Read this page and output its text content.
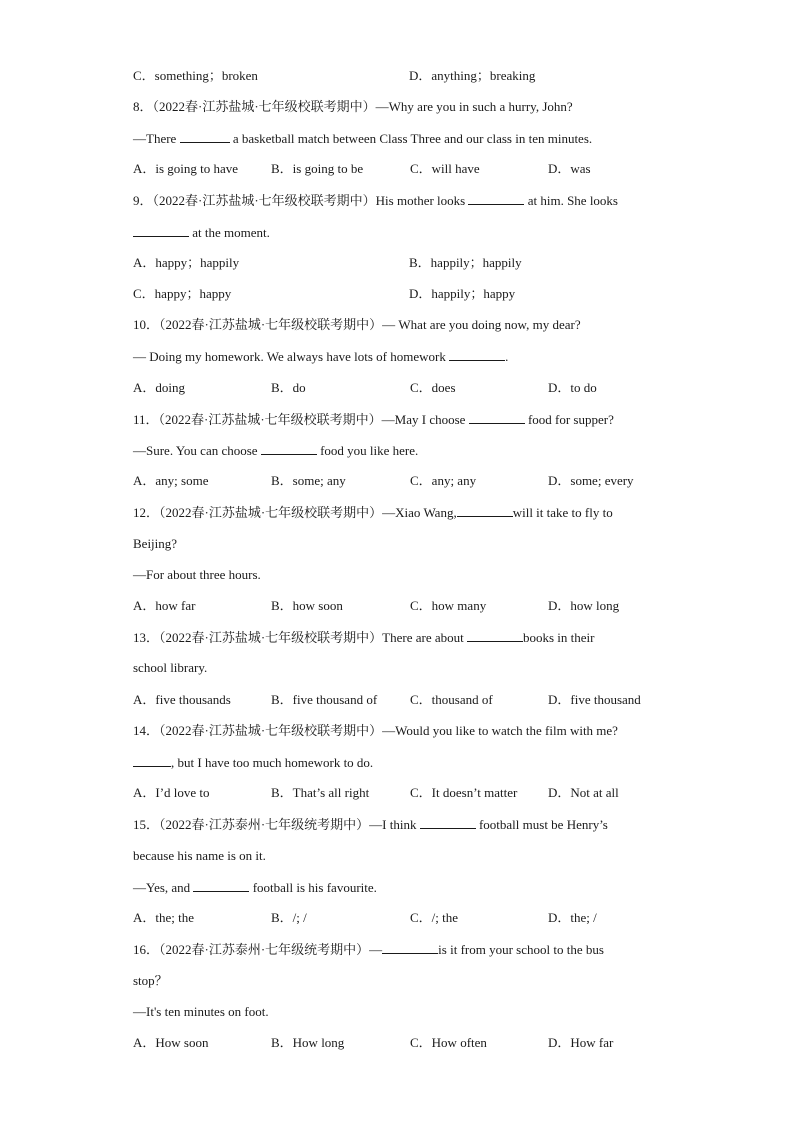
C．something；broken	D．anything；breaking
8．（2022春·江苏盐城·七年级校联考期中）—Why are you in such a hurry, John?
—There	a basketball match between Class Three and our class in ten minutes.
A．is going to have	B．is going to be	C．will have	D．was
9．（2022春·江苏盐城·七年级校联考期中）His mother looks	at him. She looks
at the moment.
A．happy；happily	B．happily；happily
C．happy；happy	D．happily；happy
10．（2022春·江苏盐城·七年级校联考期中）— What are you doing now, my dear?
— Doing my homework. We always have lots of homework	.
A．doing	B．do	C．does	D．to do
11．（2022春·江苏盐城·七年级校联考期中）—May I choose	food for supper?
—Sure. You can choose	food you like here.
A．any; some	B．some; any	C．any; any	D．some; every
12．（2022春·江苏盐城·七年级校联考期中）—Xiao Wang,	will it take to fly to
Beijing?
—For about three hours.
A．how far	B．how soon	C．how many	D．how long
13．（2022春·江苏盐城·七年级校联考期中）There are about	books in their
school library.
A．five thousands	B．five thousand of	C．thousand of	D．five thousand
14．（2022春·江苏盐城·七年级校联考期中）—Would you like to watch the film with me?
, but I have too much homework to do.
A．I’d love to	B．That’s all right	C．It doesn’t matter D．Not at all
15．（2022春·江苏泰州·七年级统考期中）—I think	football must be Henry’s
because his name is on it.
—Yes, and	football is his favourite.
A．the; the	B．/; /	C．/; the	D．the; /
16．（2022春·江苏泰州·七年级统考期中）—	is it from your school to the bus
stop？
—It's ten minutes on foot.
A．How soon	B．How long	C．How often	D．How far
